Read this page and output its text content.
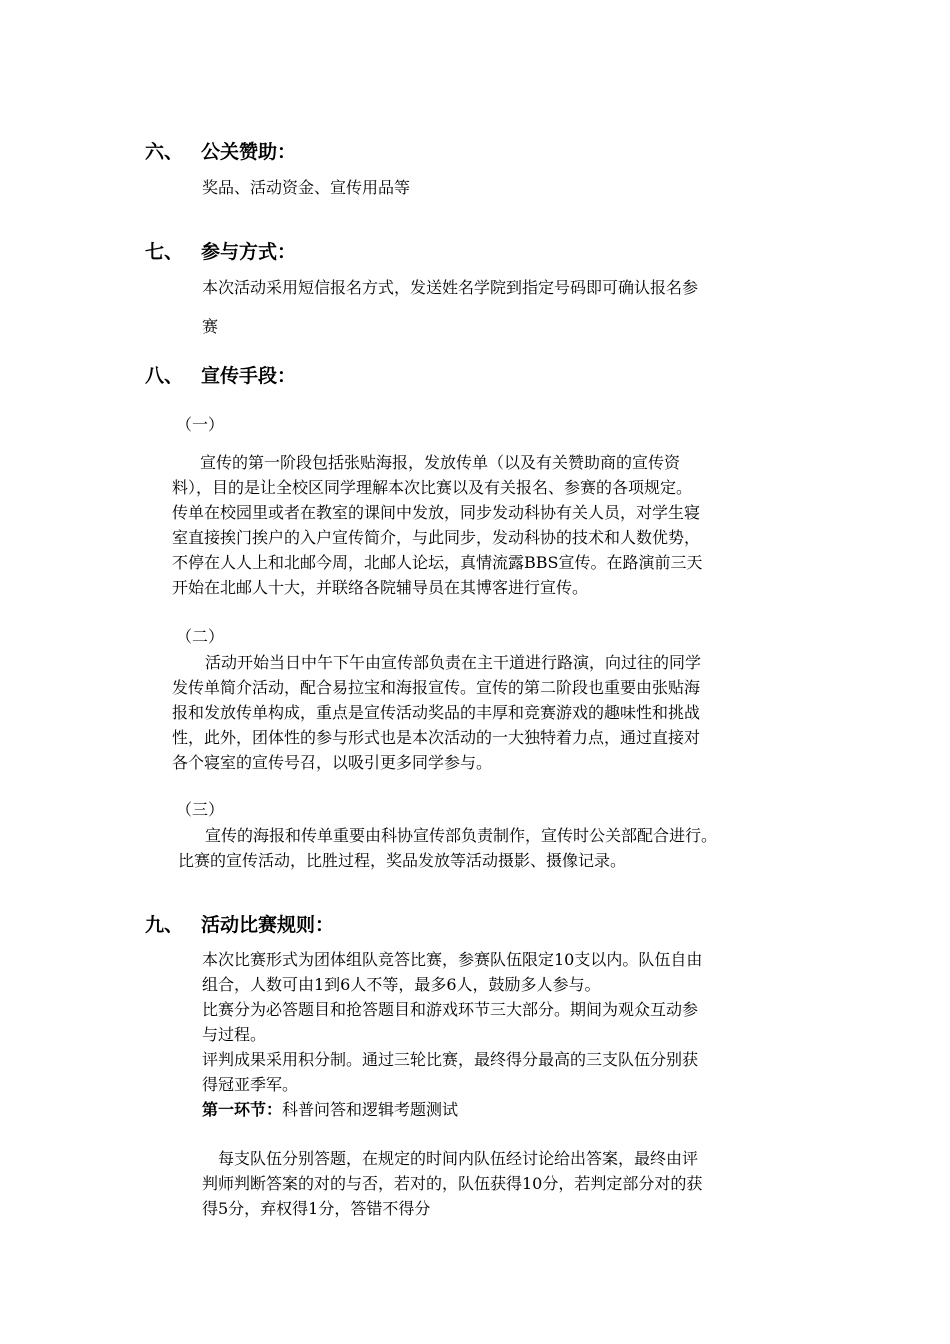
六、 公关赞助：
奖品、活动资金、宣传用品等
七、 参与方式：
本次活动采用短信报名方式，发送姓名学院到指定号码即可确认报名参
赛
八、 宣传手段：
（一）
宣传的第一阶段包括张贴海报，发放传单（以及有关赞助商的宣传资
料），目的是让全校区同学理解本次比赛以及有关报名、参赛的各项规定。
传单在校园里或者在教室的课间中发放，同步发动科协有关人员，对学生寝
室直接挨门挨户的入户宣传简介，与此同步，发动科协的技术和人数优势，
不停在人人上和北邮今周，北邮人论坛，真情流露BBS宣传。在路演前三天
开始在北邮人十大，并联络各院辅导员在其博客进行宣传。
（二）
活动开始当日中午下午由宣传部负责在主干道进行路演，向过往的同学
发传单简介活动，配合易拉宝和海报宣传。宣传的第二阶段也重要由张贴海
报和发放传单构成，重点是宣传活动奖品的丰厚和竞赛游戏的趣味性和挑战
性，此外，团体性的参与形式也是本次活动的一大独特着力点，通过直接对
各个寝室的宣传号召，以吸引更多同学参与。
（三）
宣传的海报和传单重要由科协宣传部负责制作，宣传时公关部配合进行。
比赛的宣传活动，比胜过程，奖品发放等活动摄影、摄像记录。
九、 活动比赛规则：
本次比赛形式为团体组队竞答比赛，参赛队伍限定10支以内。队伍自由
组合，人数可由1到6人不等，最多6人，鼓励多人参与。
比赛分为必答题目和抢答题目和游戏环节三大部分。期间为观众互动参
与过程。
评判成果采用积分制。通过三轮比赛，最终得分最高的三支队伍分别获
得冠亚季军。
第一环节：科普问答和逻辑考题测试
每支队伍分别答题，在规定的时间内队伍经讨论给出答案，最终由评
判师判断答案的对的与否，若对的，队伍获得10分，若判定部分对的获
得5分，弃权得1分，答错不得分
